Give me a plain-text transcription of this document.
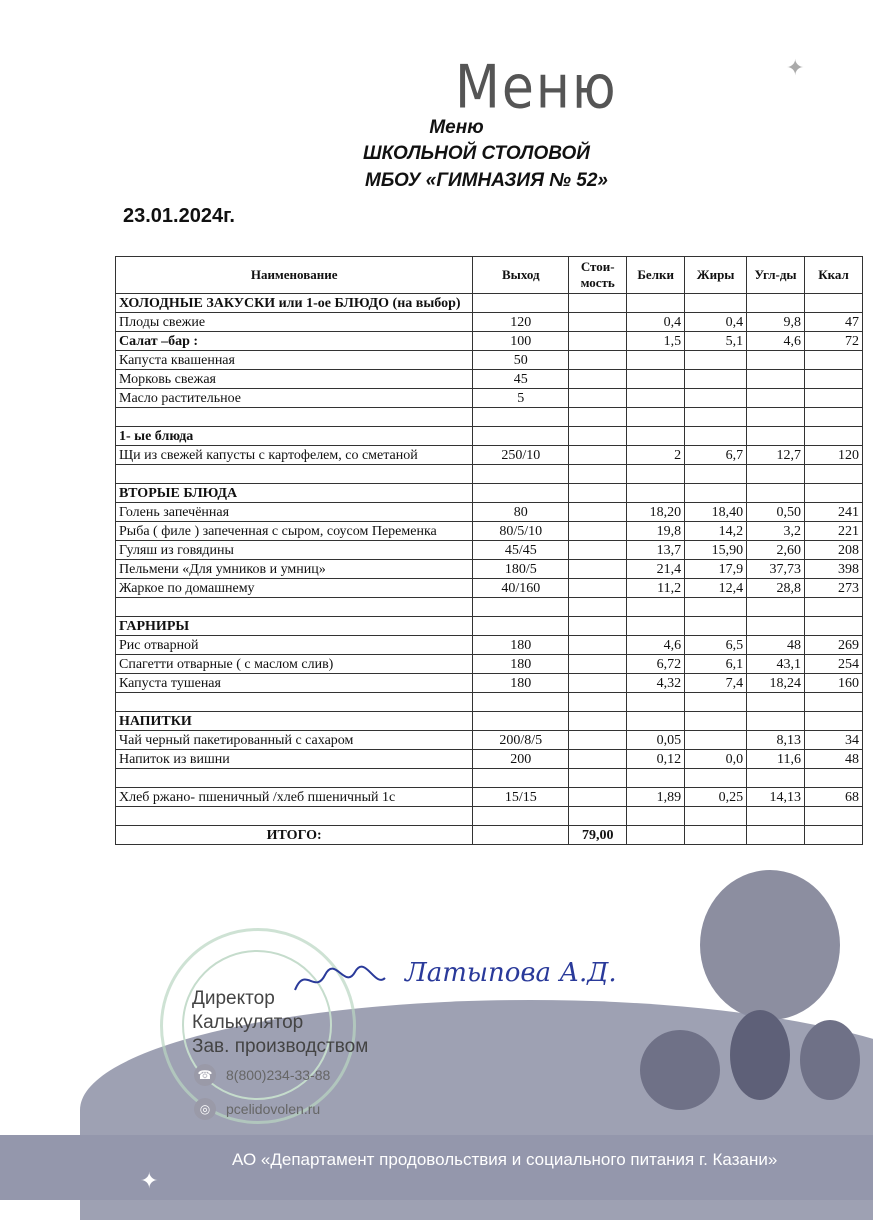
Меню
Меню
ШКОЛЬНОЙ СТОЛОВОЙ
МБОУ «ГИМНАЗИЯ № 52»
23.01.2024г.
Наименование	Выход	Стои-мость	Белки	Жиры	Угл-ды	Ккал
ХОЛОДНЫЕ ЗАКУСКИ или 1-ое БЛЮДО (на выбор)						
Плоды свежие	120		0,4	0,4	9,8	47
Салат –бар :	100		1,5	5,1	4,6	72
Капуста квашенная	50					
Морковь свежая	45					
Масло растительное	5					

1- ые блюда						
Щи из свежей капусты с картофелем, со сметаной	250/10		2	6,7	12,7	120

ВТОРЫЕ БЛЮДА						
Голень запечённая	80		18,20	18,40	0,50	241
Рыба ( филе ) запеченная с сыром, соусом Переменка	80/5/10		19,8	14,2	3,2	221
Гуляш из говядины	45/45		13,7	15,90	2,60	208
Пельмени «Для умников и умниц»	180/5		21,4	17,9	37,73	398
Жаркое по домашнему	40/160		11,2	12,4	28,8	273

ГАРНИРЫ						
Рис отварной	180		4,6	6,5	48	269
Спагетти отварные ( с маслом слив)	180		6,72	6,1	43,1	254
Капуста тушеная	180		4,32	7,4	18,24	160

НАПИТКИ						
Чай черный пакетированный с сахаром	200/8/5		0,05		8,13	34
Напиток из вишни	200		0,12	0,0	11,6	48

Хлеб ржано- пшеничный /хлеб пшеничный 1с	15/15		1,89	0,25	14,13	68

ИТОГО:		79,00				
Директор
Калькулятор
Зав. производством
Латыпова А.Д.
☎ 8(800)234-33-88
◎	pcelidovolen.ru
АО «Департамент продовольствия и социального питания г. Казани»
✦
✦
